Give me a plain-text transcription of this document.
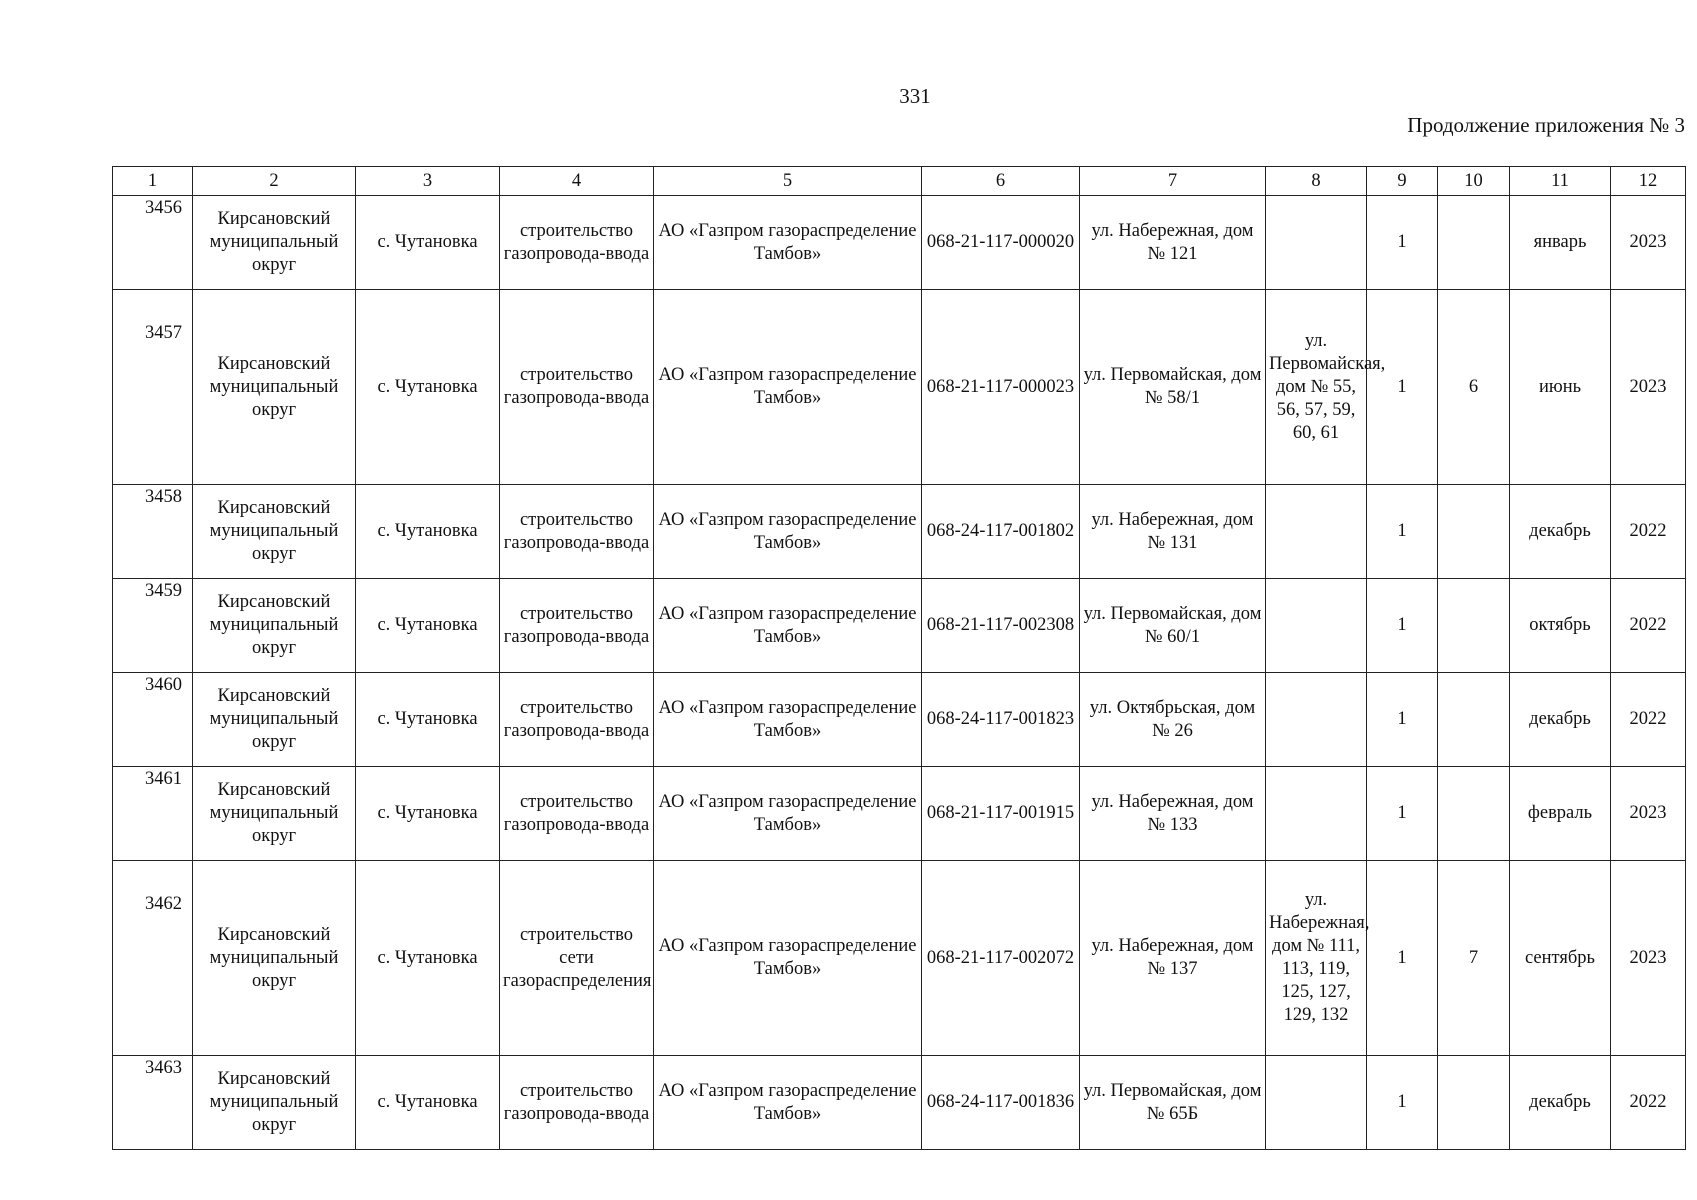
331
Продолжение приложения № 3
1	2	3	4	5	6	7	8	9	10	11	12
3456	Кирсановский муниципальный округ	с. Чутановка	строительство газопровода-ввода	АО «Газпром газораспределение Тамбов»	068-21-117-000020	ул. Набережная, дом № 121		1		январь	2023
3457	Кирсановский муниципальный округ	с. Чутановка	строительство газопровода-ввода	АО «Газпром газораспределение Тамбов»	068-21-117-000023	ул. Первомайская, дом № 58/1	ул. Первомайская, дом № 55, 56, 57, 59, 60, 61	1	6	июнь	2023
3458	Кирсановский муниципальный округ	с. Чутановка	строительство газопровода-ввода	АО «Газпром газораспределение Тамбов»	068-24-117-001802	ул. Набережная, дом № 131		1		декабрь	2022
3459	Кирсановский муниципальный округ	с. Чутановка	строительство газопровода-ввода	АО «Газпром газораспределение Тамбов»	068-21-117-002308	ул. Первомайская, дом № 60/1		1		октябрь	2022
3460	Кирсановский муниципальный округ	с. Чутановка	строительство газопровода-ввода	АО «Газпром газораспределение Тамбов»	068-24-117-001823	ул. Октябрьская, дом № 26		1		декабрь	2022
3461	Кирсановский муниципальный округ	с. Чутановка	строительство газопровода-ввода	АО «Газпром газораспределение Тамбов»	068-21-117-001915	ул. Набережная, дом № 133		1		февраль	2023
3462	Кирсановский муниципальный округ	с. Чутановка	строительство сети газораспределения	АО «Газпром газораспределение Тамбов»	068-21-117-002072	ул. Набережная, дом № 137	ул. Набережная, дом № 111, 113, 119, 125, 127, 129, 132	1	7	сентябрь	2023
3463	Кирсановский муниципальный округ	с. Чутановка	строительство газопровода-ввода	АО «Газпром газораспределение Тамбов»	068-24-117-001836	ул. Первомайская, дом № 65Б		1		декабрь	2022
